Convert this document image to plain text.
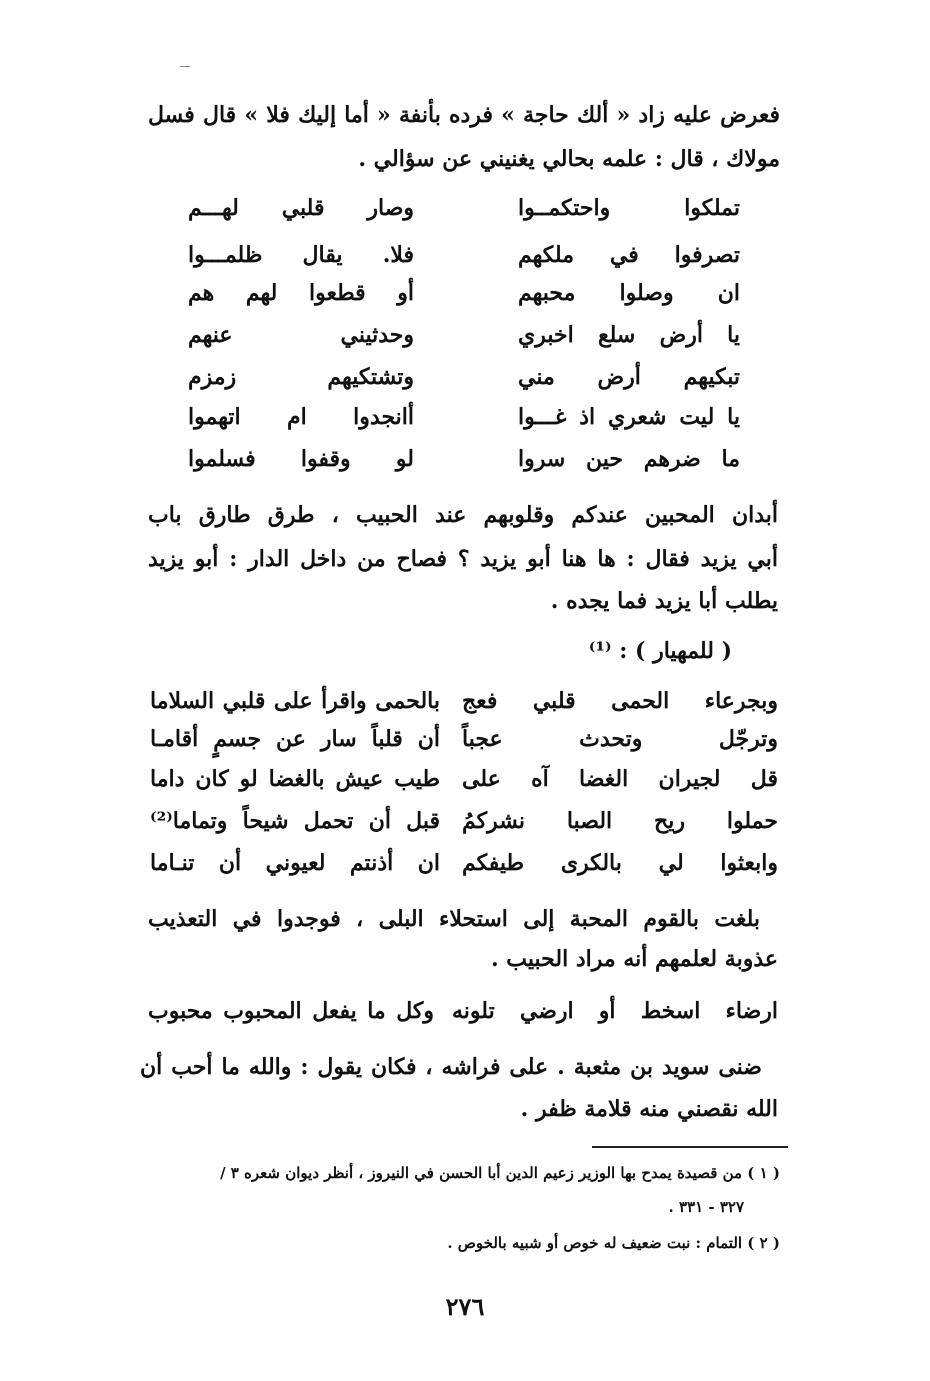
فعرض عليه زاد « ألك حاجة » فرده بأنفة « أما إليك فلا » قال فسل
مولاك ، قال : علمه بحالي يغنيني عن سؤالي .
تملكوا واحتكمــوا
وصار قلبي لهـــم
تصرفوا في ملكهم
فلا. يقال ظلمـــوا
ان وصلوا محبهم
أو قطعوا لهم هم
يا أرض سلع اخبري
وحدثيني عنهم
تبكيهم أرض مني
وتشتكيهم زمزم
يا ليت شعري اذ غـــوا
أانجدوا ام اتهموا
ما ضرهم حين سروا
لو وقفوا فسلموا
أبدان المحبين عندكم وقلوبهم عند الحبيب ، طرق طارق باب
أبي يزيد فقال : ها هنا أبو يزيد ؟ فصاح من داخل الدار : أبو يزيد
يطلب أبا يزيد فما يجده .
( للمهيار ) : ⁽¹⁾
وبجرعاء الحمى قلبي فعج
بالحمى واقرأ على قلبي السلاما
وترجّل وتحدث عجباً
أن قلباً سار عن جسمٍ أقامـا
قل لجيران الغضا آه على
طيب عيش بالغضا لو كان داما
حملوا ريح الصبا نشركمُ
قبل أن تحمل شيحاً وتماما⁽²⁾
وابعثوا لي بالكرى طيفكم
ان أذنتم لعيوني أن تنـاما
بلغت بالقوم المحبة إلى استحلاء البلى ، فوجدوا في التعذيب
عذوبة لعلمهم أنه مراد الحبيب .
ارضاء اسخط أو ارضي تلونه
وكل ما يفعل المحبوب محبوب
ضنى سويد بن مثعبة . على فراشه ، فكان يقول : والله ما أحب أن
الله نقصني منه قلامة ظفر .
( ١ ) من قصيدة يمدح بها الوزير زعيم الدين أبا الحسن في النيروز ، أنظر ديوان شعره ٣ /
٣٢٧ - ٣٣١ .
( ٢ ) التمام : نبت ضعيف له خوص أو شبيه بالخوص .
٢٧٦
